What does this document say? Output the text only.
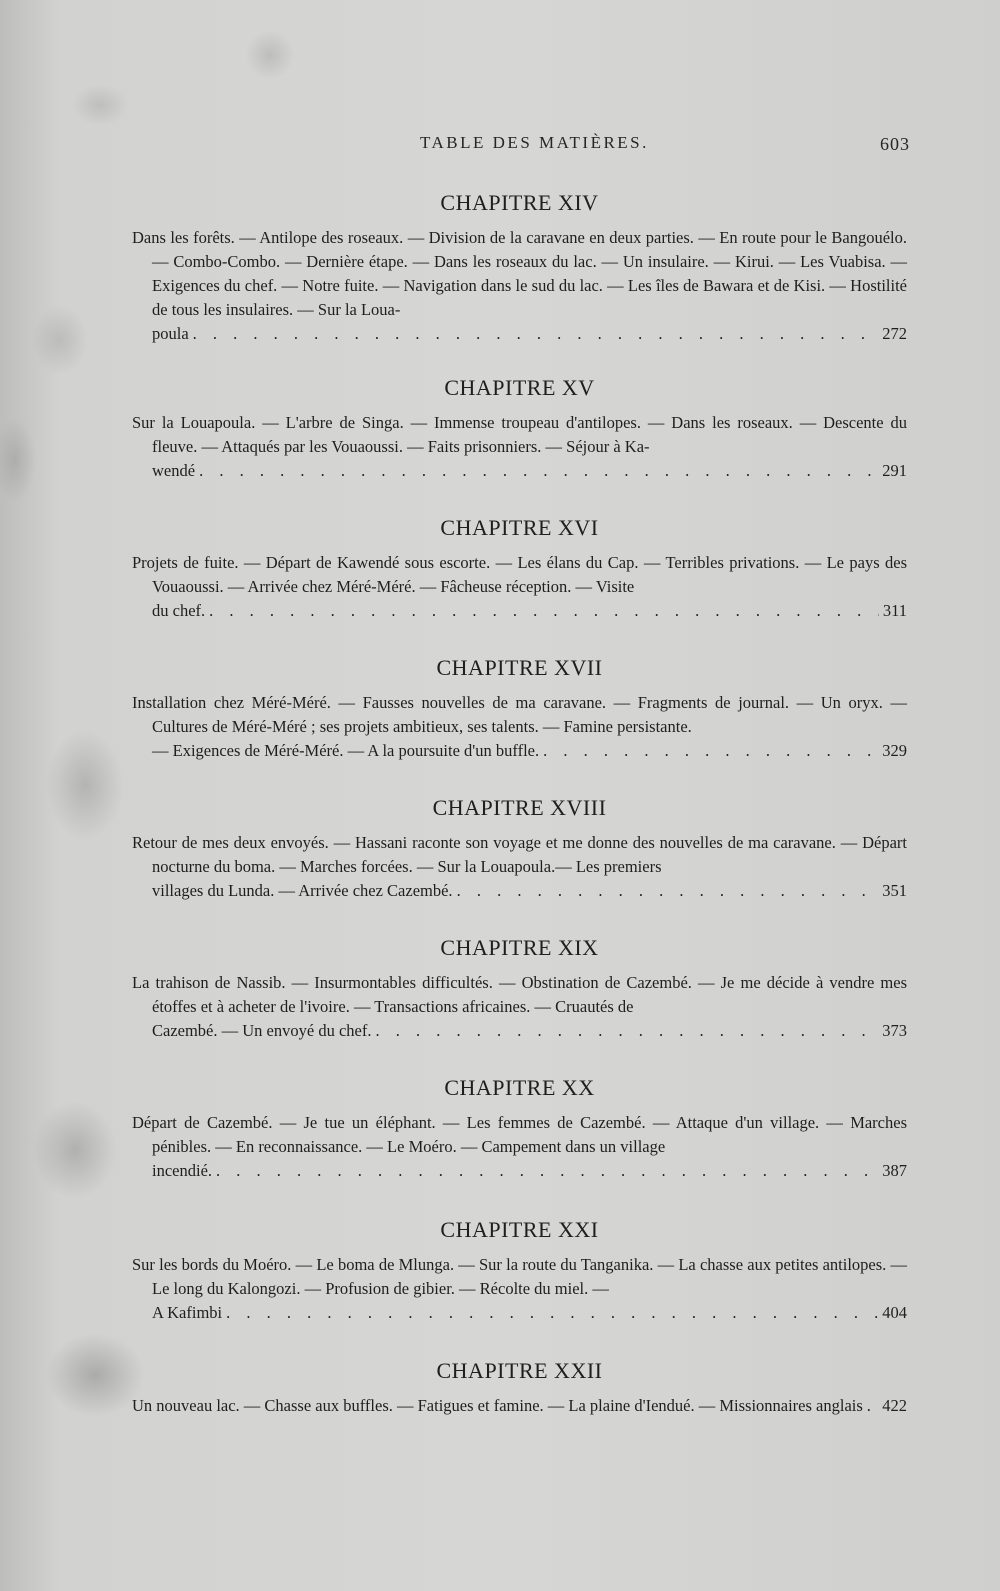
TABLE DES MATIÈRES.	603
CHAPITRE XIV

Dans les forêts. — Antilope des roseaux. — Division de la caravane en deux parties. — En route pour le Bangouélo. — Combo-Combo. — Dernière étape. — Dans les roseaux du lac. — Un insulaire. — Kirui. — Les Vuabisa. — Exigences du chef. — Notre fuite. — Navigation dans le sud du lac. — Les îles de Bawara et de Kisi. — Hostilité de tous les insulaires. — Sur la Loua-

poula . . .	272
CHAPITRE XV

Sur la Louapoula. — L'arbre de Singa. — Immense troupeau d'antilopes. — Dans les roseaux. — Descente du fleuve. — Attaqués par les Vouaoussi. — Faits prisonniers. — Séjour à Ka-

wendé . . .	291
CHAPITRE XVI

Projets de fuite. — Départ de Kawendé sous escorte. — Les élans du Cap. — Terribles privations. — Le pays des Vouaoussi. — Arrivée chez Méré-Méré. — Fâcheuse réception. — Visite

du chef. . . .	311
CHAPITRE XVII

Installation chez Méré-Méré. — Fausses nouvelles de ma caravane. — Fragments de journal. — Un oryx. — Cultures de Méré-Méré ; ses projets ambitieux, ses talents. — Famine persistante.

— Exigences de Méré-Méré. — A la poursuite d'un buffle. . . .	329
CHAPITRE XVIII

Retour de mes deux envoyés. — Hassani raconte son voyage et me donne des nouvelles de ma caravane. — Départ nocturne du boma. — Marches forcées. — Sur la Louapoula.— Les premiers

villages du Lunda. — Arrivée chez Cazembé. . . .	351
CHAPITRE XIX

La trahison de Nassib. — Insurmontables difficultés. — Obstination de Cazembé. — Je me décide à vendre mes étoffes et à acheter de l'ivoire. — Transactions africaines. — Cruautés de

Cazembé. — Un envoyé du chef. . . .	373
CHAPITRE XX

Départ de Cazembé. — Je tue un éléphant. — Les femmes de Cazembé. — Attaque d'un village. — Marches pénibles. — En reconnaissance. — Le Moéro. — Campement dans un village

incendié. . . .	387
CHAPITRE XXI

Sur les bords du Moéro. — Le boma de Mlunga. — Sur la route du Tanganika. — La chasse aux petites antilopes. — Le long du Kalongozi. — Profusion de gibier. — Récolte du miel. —

A Kafimbi . . .	404
CHAPITRE XXII
Un nouveau lac. — Chasse aux buffles. — Fatigues et famine. — La plaine d'Iendué. — Missionnaires anglais . . . 422
